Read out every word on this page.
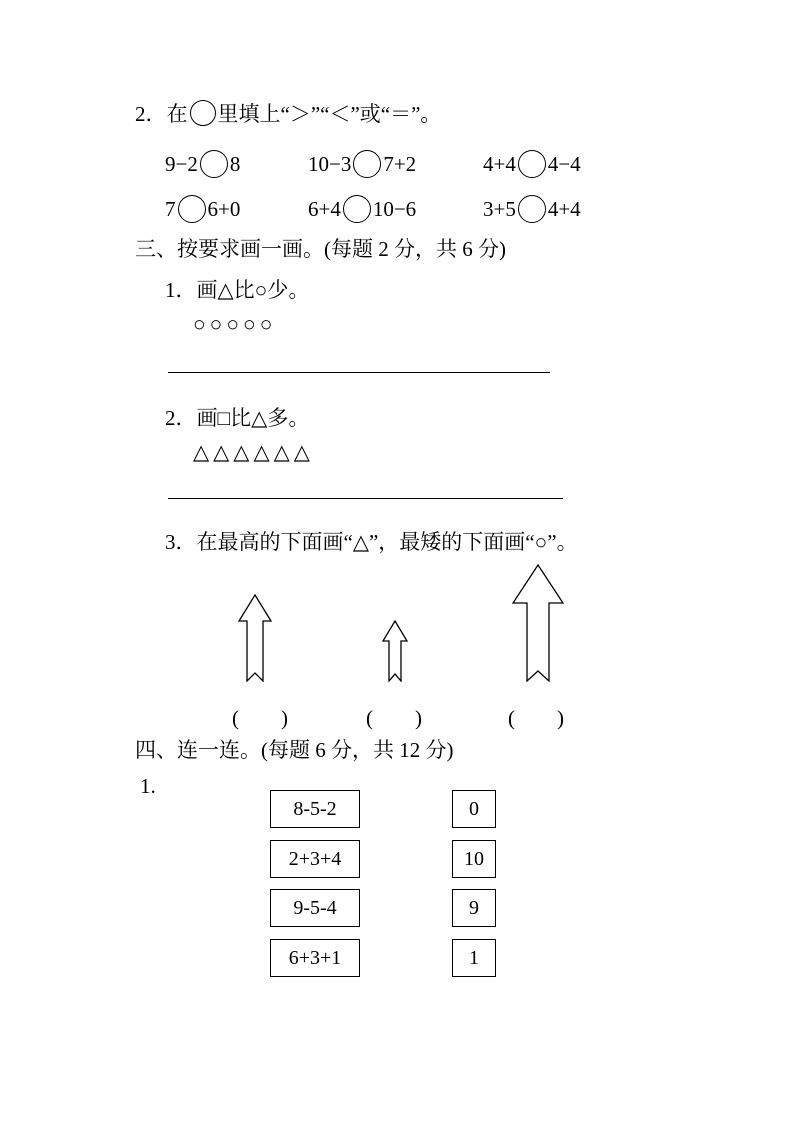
2． 在 里填上“＞”“＜”或“＝”。
9−2 8	10−3 7+2	4+4 4−4
7 6+0	6+4 10−6	3+5 4+4
三、按要求画一画。(每题 2 分，共 6 分)
1．画△比○少。
○○○○○
2．画□比△多。
△△△△△△
3．在最高的下面画“△”，最矮的下面画“○”。
(　　)	(　　)	(　　)
四、连一连。(每题 6 分，共 12 分)
1.
8-5-2
2+3+4
9-5-4
6+3+1
0
10
9
1
